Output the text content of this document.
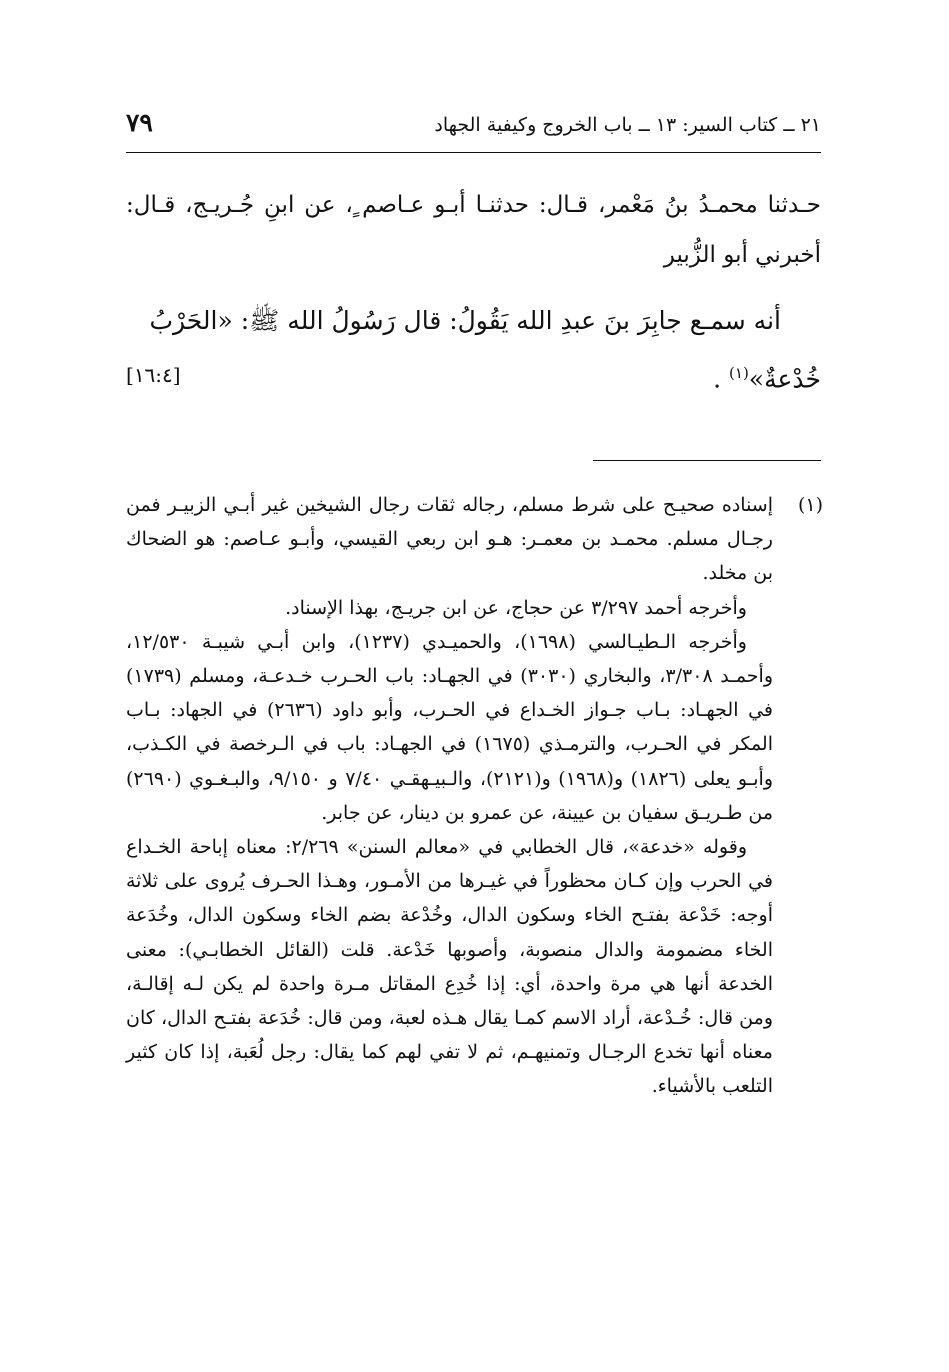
٢١ ــ كتاب السير: ١٣ ــ باب الخروج وكيفية الجهاد
٧٩

حـدثنا محمـدُ بنُ مَعْمر، قـال: حدثنـا أبـو عـاصم ٍ، عن ابنِ جُـريـج، قـال: أخبرني أبو الزُّبير

أنه سمـع جابِرَ بنَ عبدِ الله يَقُولُ: قال رَسُولُ الله ﷺ: «الحَرْبُ

خُدْعةٌ»$^{(١)}$ .
[١٦:٤]

(١)

إسناده صحيـح على شرط مسلم، رجاله ثقات رجال الشيخين غير أبـي الزبيـر فمن رجـال مسلم. محمـد بن معمـر: هـو ابن ربعي القيسي، وأبـو عـاصم: هو الضحاك بن مخلد.

وأخرجه أحمد ٣/٢٩٧ عن حجاج، عن ابن جريـج، بهذا الإسناد.

وأخرجه الـطيـالسي (١٦٩٨)، والحميـدي (١٢٣٧)، وابن أبـي شيبـة ١٢/٥٣٠، وأحمـد ٣/٣٠٨، والبخاري (٣٠٣٠) في الجهـاد: باب الحـرب خـدعـة، ومسلم (١٧٣٩) في الجهـاد: بـاب جـواز الخـداع في الحـرب، وأبو داود (٢٦٣٦) في الجهاد: بـاب المكر في الحـرب، والترمـذي (١٦٧٥) في الجهـاد: باب في الـرخصة في الكـذب، وأبـو يعلى (١٨٢٦) و(١٩٦٨) و(٢١٢١)، والـبيـهقـي ٧/٤٠ و ٩/١٥٠، والبـغـوي (٢٦٩٠) من طـريـق سفيان بن عيينة، عن عمرو بن دينار، عن جابر.

وقوله «خدعة»، قال الخطابي في «معالم السنن» ٢/٢٦٩: معناه إباحة الخـداع في الحرب وإن كـان محظوراً في غيـرها من الأمـور، وهـذا الحـرف يُروى على ثلاثة أوجه: خَدْعة بفتـح الخاء وسكون الدال، وخُدْعة بضم الخاء وسكون الدال، وخُدَعة الخاء مضمومة والدال منصوبة، وأصوبها خَدْعة. قلت (القائل الخطابـي): معنى الخدعة أنها هي مرة واحدة، أي: إذا خُدِع المقاتل مـرة واحدة لم يكن لـه إقالـة، ومن قال: خُـدْعة، أراد الاسم كمـا يقال هـذه لعبة، ومن قال: خُدَعة بفتـح الدال، كان معناه أنها تخدع الرجـال وتمنيهـم، ثم لا تفي لهم كما يقال: رجل لُعَبة، إذا كان كثير التلعب بالأشياء.
